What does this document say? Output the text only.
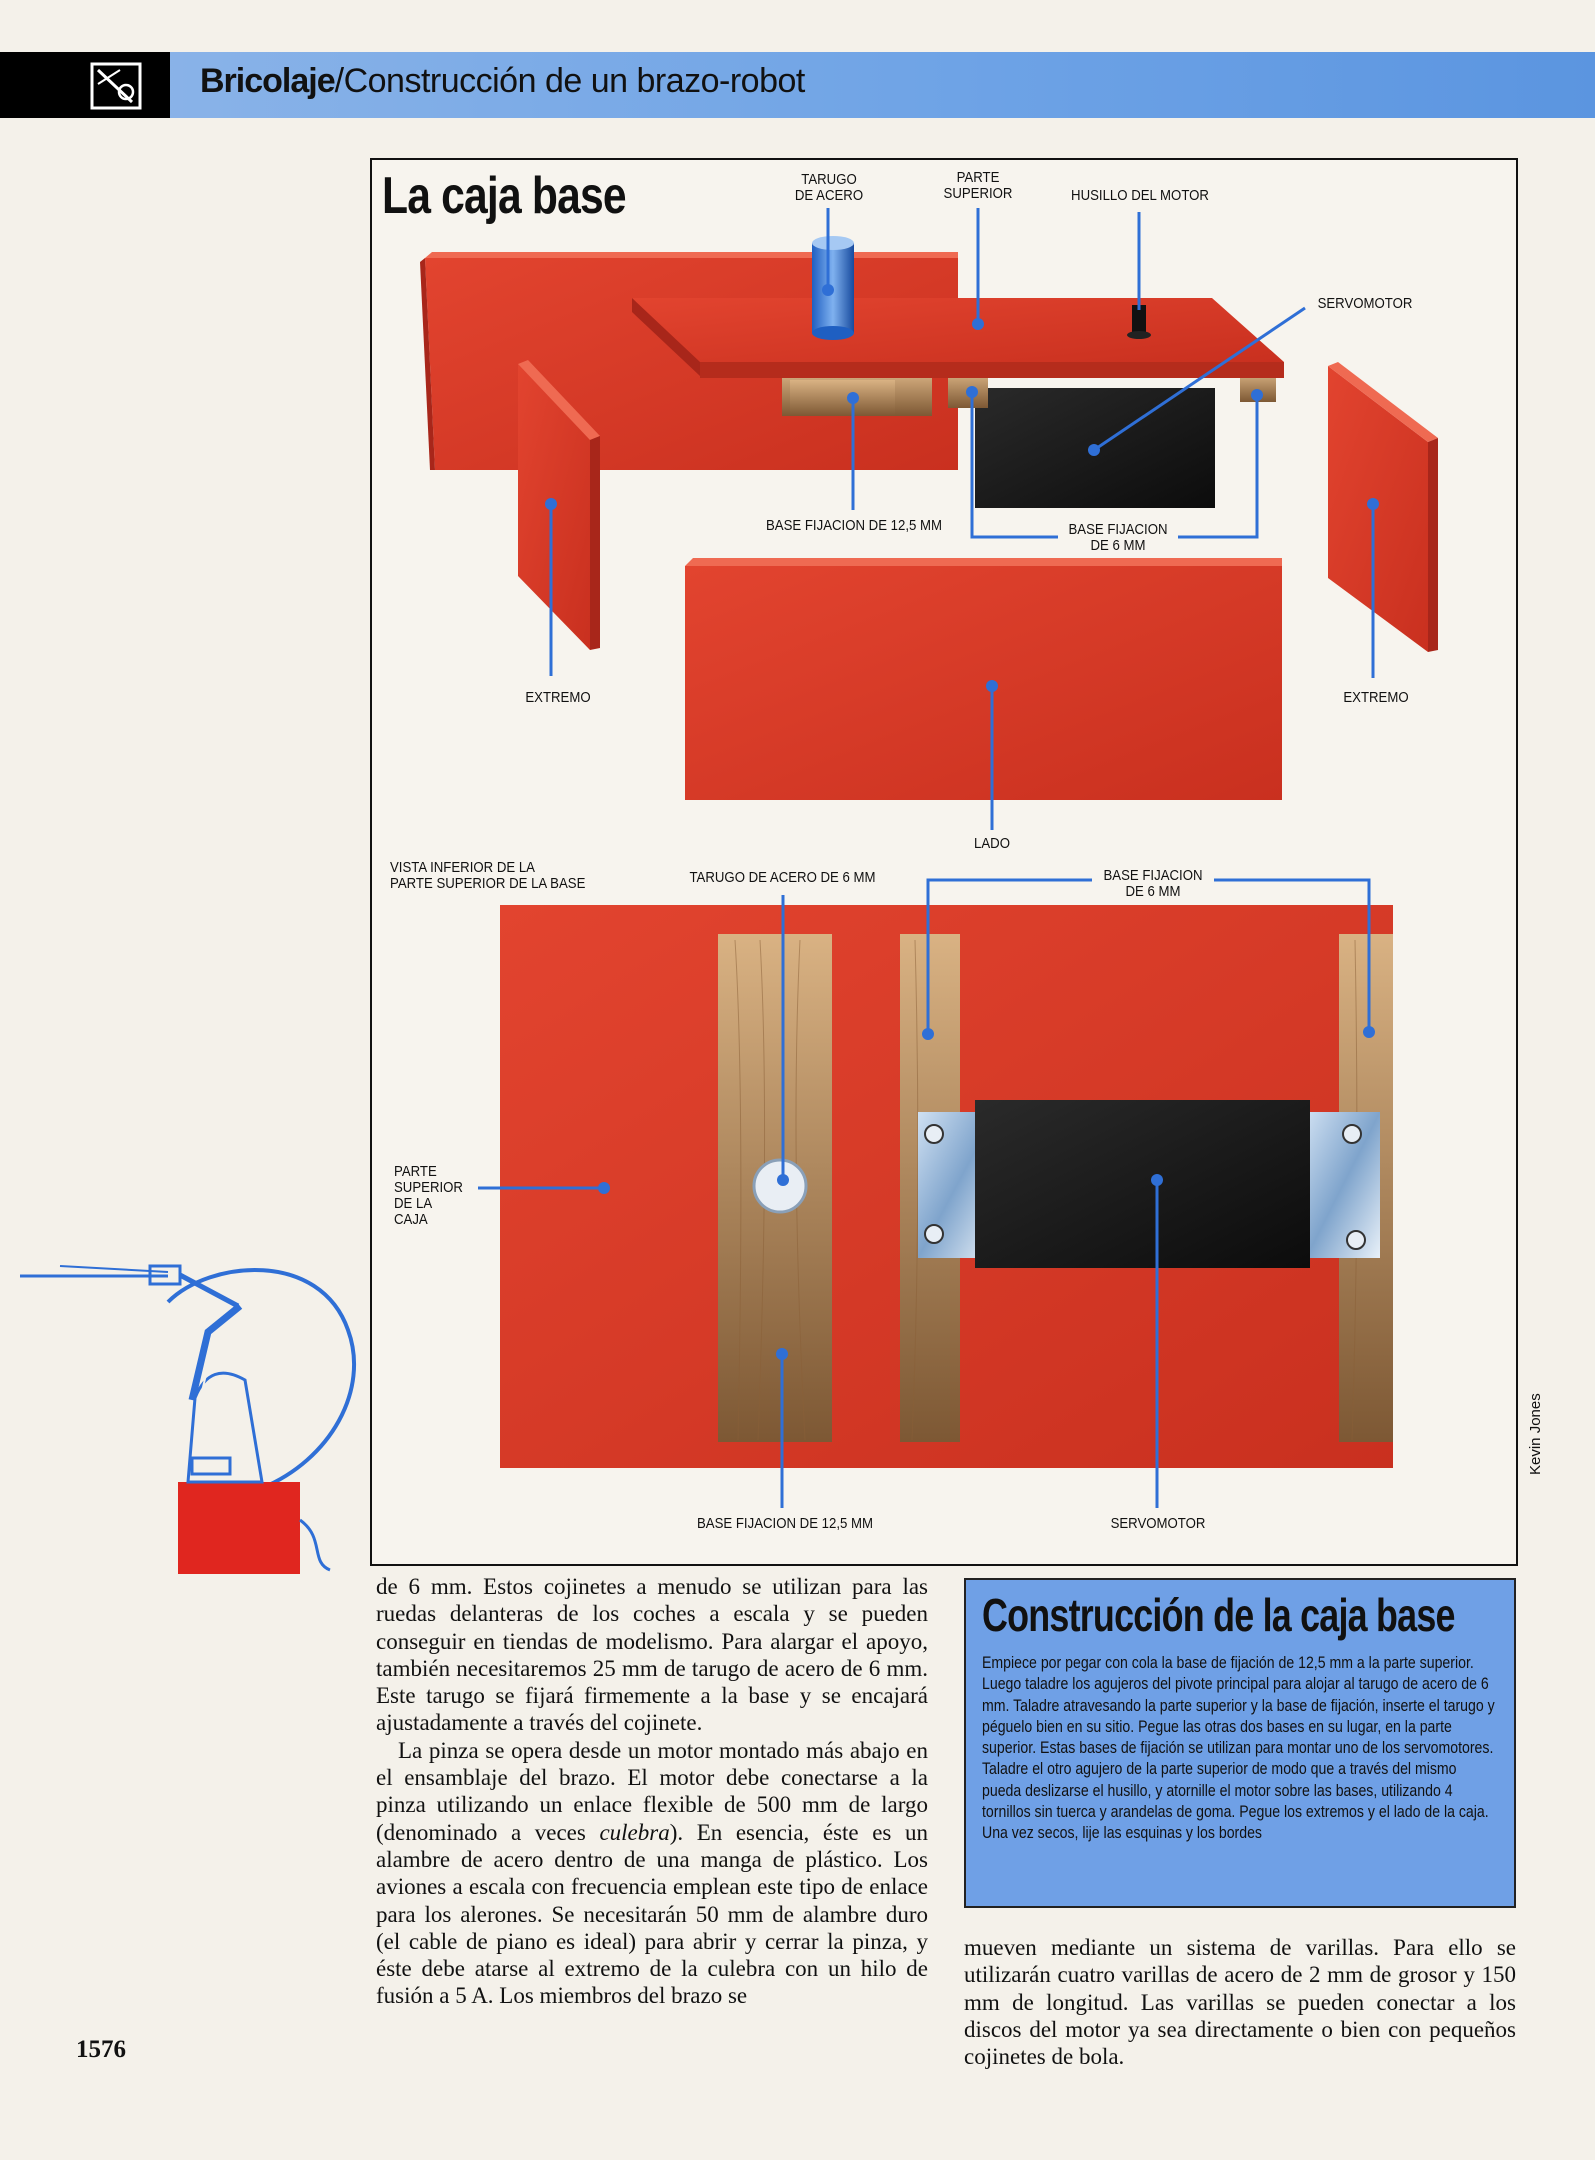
Bricolaje/Construcción de un brazo-robot
La caja base	TARUGO
DE ACERO
PARTE
SUPERIOR	HUSILLO DEL MOTOR
SERVOMOTOR
BASE FIJACION DE 12,5 MM	BASE FIJACION
DE 6 MM
EXTREMO	EXTREMO
LADO
VISTA INFERIOR DE LA
PARTE SUPERIOR DE LA BASE	TARUGO DE ACERO DE 6 MM	BASE FIJACION
DE 6 MM
PARTE
SUPERIOR
DE LA
CAJA
BASE FIJACION DE 12,5 MM	SERVOMOTOR
Kevin Jones

de 6 mm. Estos cojinetes a menudo se utilizan para las ruedas delanteras de los coches a escala y se pueden conseguir en tiendas de modelismo. Para alargar el apoyo, también necesitaremos 25 mm de tarugo de acero de 6 mm. Este tarugo se fijará firmemente a la base y se encajará ajustadamente a través del cojinete.

La pinza se opera desde un motor montado más abajo en el ensamblaje del brazo. El motor debe conectarse a la pinza utilizando un enlace flexible de 500 mm de largo (denominado a veces culebra). En esencia, éste es un alambre de acero dentro de una manga de plástico. Los aviones a escala con frecuencia emplean este tipo de enlace para los alerones. Se necesitarán 50 mm de alambre duro (el cable de piano es ideal) para abrir y cerrar la pinza, y éste debe atarse al extremo de la culebra con un hilo de fusión a 5 A. Los miembros del brazo se

Construcción de la caja base
Empiece por pegar con cola la base de fijación de 12,5 mm a la parte superior. Luego taladre los agujeros del pivote principal para alojar al tarugo de acero de 6 mm. Taladre atravesando la parte superior y la base de fijación, inserte el tarugo y péguelo bien en su sitio. Pegue las otras dos bases en su lugar, en la parte superior. Estas bases de fijación se utilizan para montar uno de los servomotores. Taladre el otro agujero de la parte superior de modo que a través del mismo pueda deslizarse el husillo, y atornille el motor sobre las bases, utilizando 4 tornillos sin tuerca y arandelas de goma. Pegue los extremos y el lado de la caja. Una vez secos, lije las esquinas y los bordes

mueven mediante un sistema de varillas. Para ello se utilizarán cuatro varillas de acero de 2 mm de grosor y 150 mm de longitud. Las varillas se pueden conectar a los discos del motor ya sea directamente o bien con pequeños cojinetes de bola.

1576
